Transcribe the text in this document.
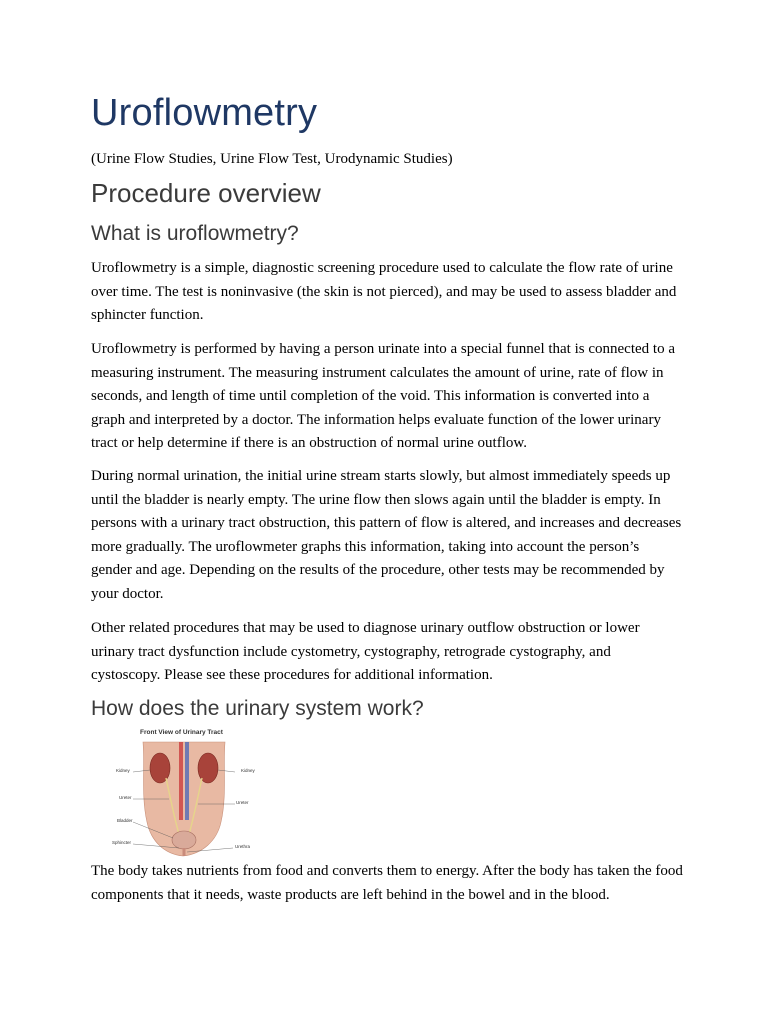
Uroflowmetry

(Urine Flow Studies, Urine Flow Test, Urodynamic Studies)

Procedure overview
What is uroflowmetry?

Uroflowmetry is a simple, diagnostic screening procedure used to calculate the flow rate of urine over time. The test is noninvasive (the skin is not pierced), and may be used to assess bladder and sphincter function.

Uroflowmetry is performed by having a person urinate into a special funnel that is connected to a measuring instrument. The measuring instrument calculates the amount of urine, rate of flow in seconds, and length of time until completion of the void. This information is converted into a graph and interpreted by a doctor. The information helps evaluate function of the lower urinary tract or help determine if there is an obstruction of normal urine outflow.

During normal urination, the initial urine stream starts slowly, but almost immediately speeds up until the bladder is nearly empty. The urine flow then slows again until the bladder is empty. In persons with a urinary tract obstruction, this pattern of flow is altered, and increases and decreases more gradually. The uroflowmeter graphs this information, taking into account the person’s gender and age. Depending on the results of the procedure, other tests may be recommended by your doctor.

Other related procedures that may be used to diagnose urinary outflow obstruction or lower urinary tract dysfunction include cystometry, cystography, retrograde cystography, and cystoscopy. Please see these procedures for additional information.

How does the urinary system work?

The body takes nutrients from food and converts them to energy. After the body has taken the food components that it needs, waste products are left behind in the bowel and in the blood.

Front View of Urinary Tract

Kidney	Kidney

Ureter

Ureter

Bladder

Sphincter

Urethra
